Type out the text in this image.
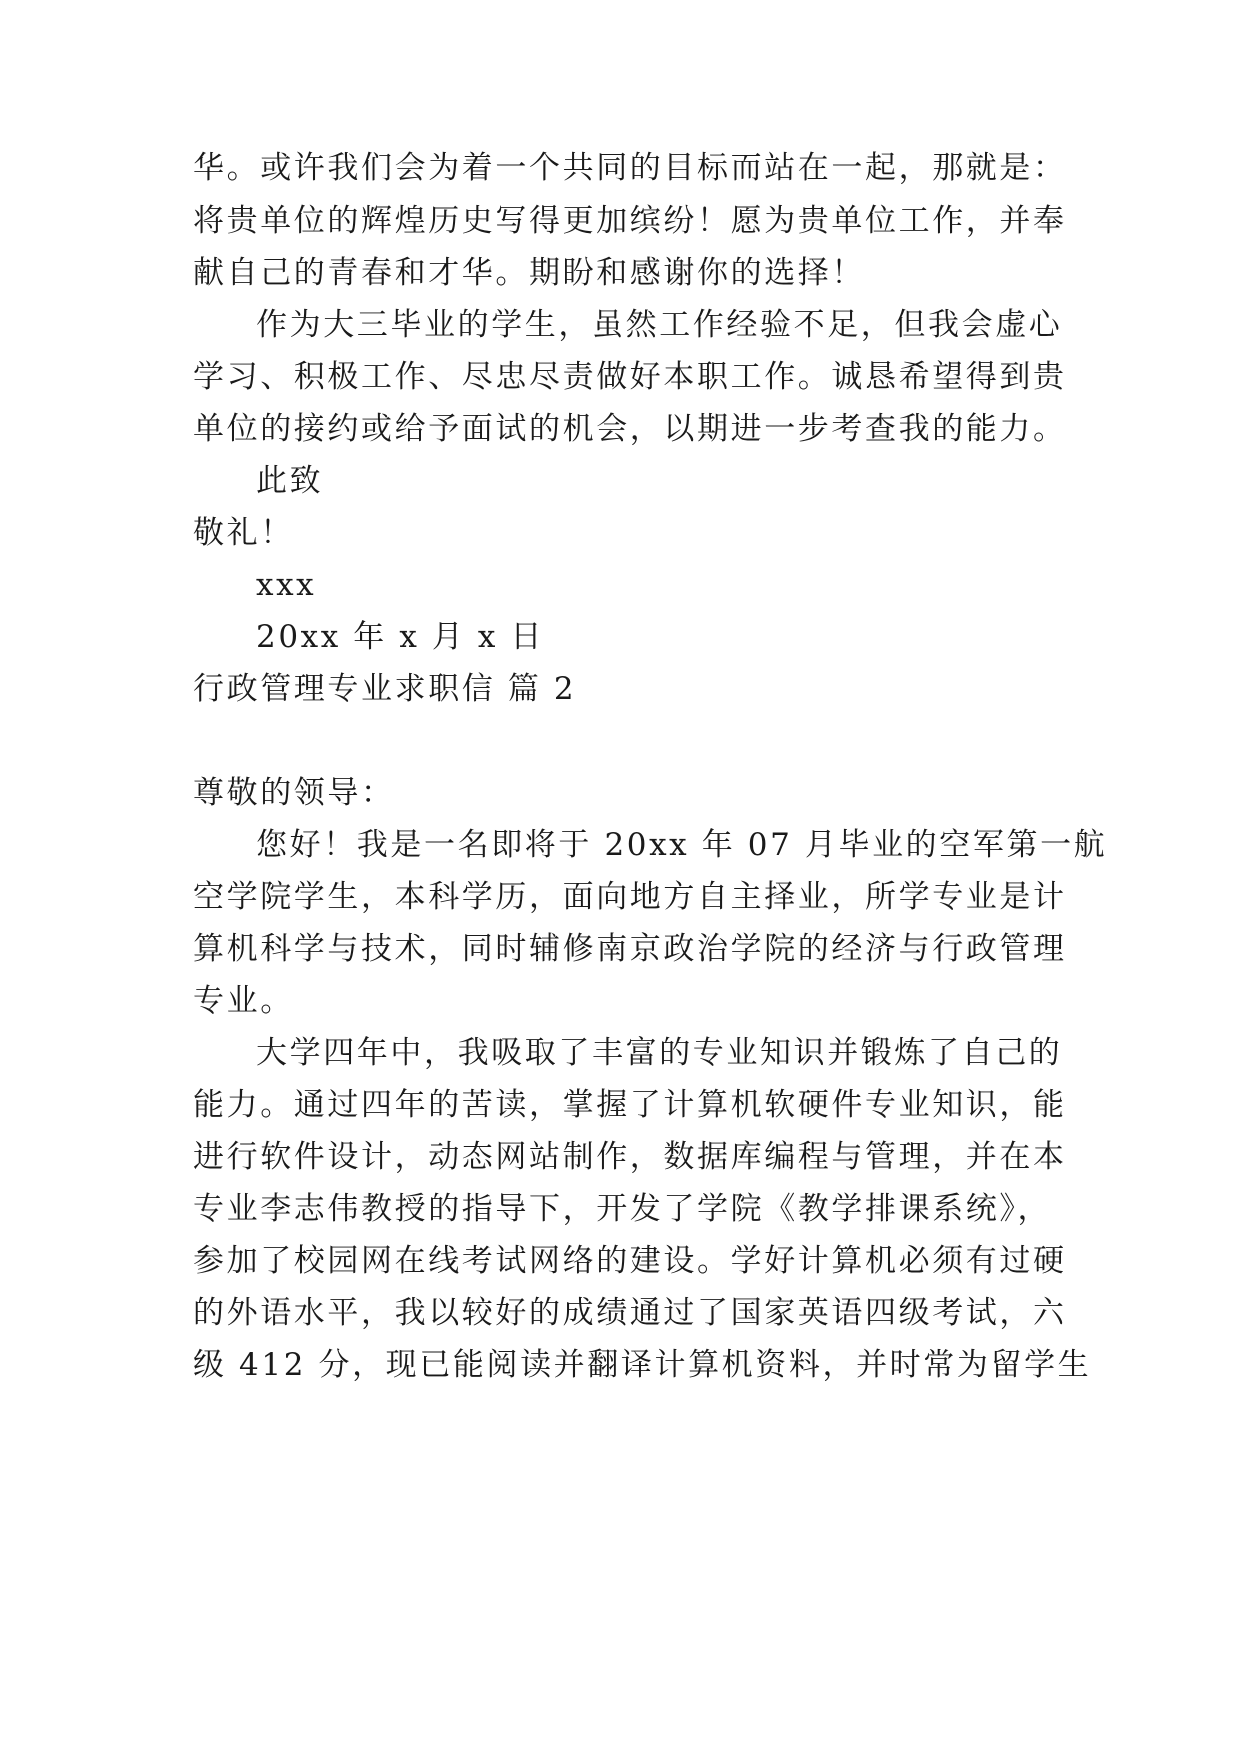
华。或许我们会为着一个共同的目标而站在一起，那就是：
将贵单位的辉煌历史写得更加缤纷！愿为贵单位工作，并奉
献自己的青春和才华。期盼和感谢你的选择！
作为大三毕业的学生，虽然工作经验不足，但我会虚心
学习、积极工作、尽忠尽责做好本职工作。诚恳希望得到贵
单位的接约或给予面试的机会，以期进一步考查我的能力。
此致
敬礼！
xxx
20xx 年 x 月 x 日
行政管理专业求职信 篇 2
尊敬的领导：
您好！我是一名即将于 20xx 年 07 月毕业的空军第一航
空学院学生，本科学历，面向地方自主择业，所学专业是计
算机科学与技术，同时辅修南京政治学院的经济与行政管理
专业。
大学四年中，我吸取了丰富的专业知识并锻炼了自己的
能力。通过四年的苦读，掌握了计算机软硬件专业知识，能
进行软件设计，动态网站制作，数据库编程与管理，并在本
专业李志伟教授的指导下，开发了学院《教学排课系统》，
参加了校园网在线考试网络的建设。学好计算机必须有过硬
的外语水平，我以较好的成绩通过了国家英语四级考试，六
级 412 分，现已能阅读并翻译计算机资料，并时常为留学生
